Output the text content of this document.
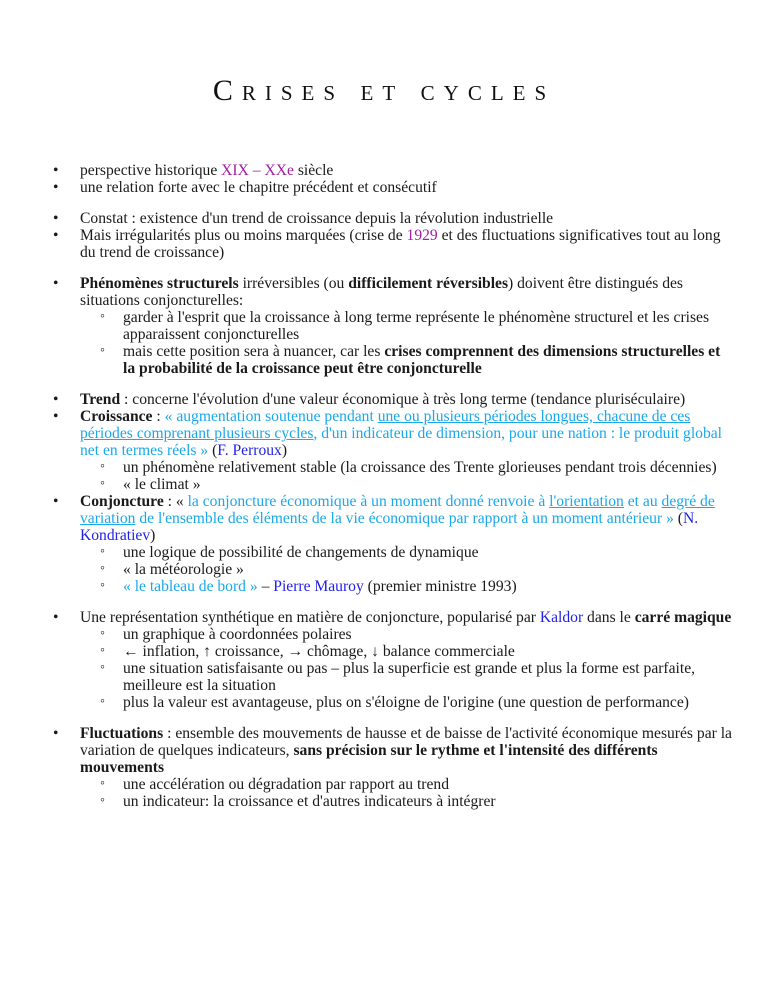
Crises et cycles
• perspective historique XIX – XXe siècle
• une relation forte avec le chapitre précédent et consécutif
• Constat : existence d'un trend de croissance depuis la révolution industrielle
• Mais irrégularités plus ou moins marquées (crise de 1929 et des fluctuations significatives tout au long du trend de croissance)
• Phénomènes structurels irréversibles (ou difficilement réversibles) doivent être distingués des situations conjoncturelles:
◦ garder à l'esprit que la croissance à long terme représente le phénomène structurel et les crises apparaissent conjoncturelles
◦ mais cette position sera à nuancer, car les crises comprennent des dimensions structurelles et la probabilité de la croissance peut être conjoncturelle
• Trend : concerne l'évolution d'une valeur économique à très long terme (tendance pluriséculaire)
• Croissance : « augmentation soutenue pendant une ou plusieurs périodes longues, chacune de ces périodes comprenant plusieurs cycles, d'un indicateur de dimension, pour une nation : le produit global net en termes réels » (F. Perroux)
◦ un phénomène relativement stable (la croissance des Trente glorieuses pendant trois décennies)
◦ « le climat »
• Conjoncture : « la conjoncture économique à un moment donné renvoie à l'orientation et au degré de variation de l'ensemble des éléments de la vie économique par rapport à un moment antérieur » (N. Kondratiev)
◦ une logique de possibilité de changements de dynamique
◦ « la météorologie »
◦ « le tableau de bord » – Pierre Mauroy (premier ministre 1993)
• Une représentation synthétique en matière de conjoncture, popularisé par Kaldor dans le carré magique
◦ un graphique à coordonnées polaires
◦ ← inflation, ↑ croissance, → chômage, ↓ balance commerciale
◦ une situation satisfaisante ou pas – plus la superficie est grande et plus la forme est parfaite, meilleure est la situation
◦ plus la valeur est avantageuse, plus on s'éloigne de l'origine (une question de performance)
• Fluctuations : ensemble des mouvements de hausse et de baisse de l'activité économique mesurés par la variation de quelques indicateurs, sans précision sur le rythme et l'intensité des différents mouvements
◦ une accélération ou dégradation par rapport au trend
◦ un indicateur: la croissance et d'autres indicateurs à intégrer
